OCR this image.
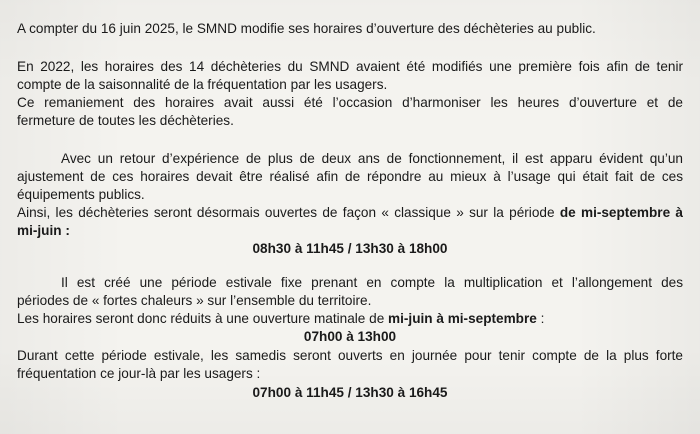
A compter du 16 juin 2025, le SMND modifie ses horaires d’ouverture des déchèteries au public.
En 2022, les horaires des 14 déchèteries du SMND avaient été modifiés une première fois afin de tenir
compte de la saisonnalité de la fréquentation par les usagers.
Ce remaniement des horaires avait aussi été l’occasion d’harmoniser les heures d’ouverture et de
fermeture de toutes les déchèteries.
Avec un retour d’expérience de plus de deux ans de fonctionnement, il est apparu évident qu’un
ajustement de ces horaires devait être réalisé afin de répondre au mieux à l’usage qui était fait de ces
équipements publics.
Ainsi, les déchèteries seront désormais ouvertes de façon « classique » sur la période de mi-septembre à
mi-juin :
08h30 à 11h45 / 13h30 à 18h00
Il est créé une période estivale fixe prenant en compte la multiplication et l’allongement des
périodes de « fortes chaleurs » sur l’ensemble du territoire.
Les horaires seront donc réduits à une ouverture matinale de mi-juin à mi-septembre :
07h00 à 13h00
Durant cette période estivale, les samedis seront ouverts en journée pour tenir compte de la plus forte
fréquentation ce jour-là par les usagers :
07h00 à 11h45 / 13h30 à 16h45
